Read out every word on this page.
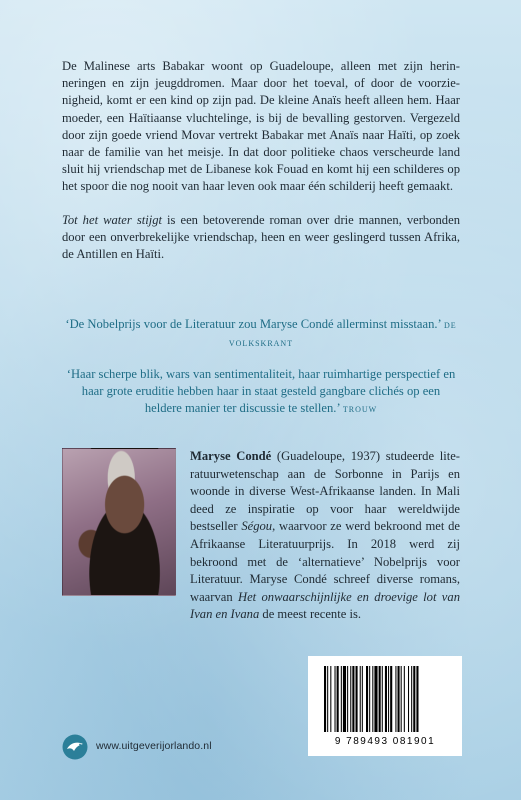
De Malinese arts Babakar woont op Guadeloupe, alleen met zijn herinneringen en zijn jeugddromen. Maar door het toeval, of door de voorzienigheid, komt er een kind op zijn pad. De kleine Anaïs heeft alleen hem. Haar moeder, een Haïtiaanse vluchtelinge, is bij de bevalling gestorven. Vergezeld door zijn goede vriend Movar vertrekt Babakar met Anaïs naar Haïti, op zoek naar de familie van het meisje. In dat door politieke chaos verscheurde land sluit hij vriendschap met de Libanese kok Fouad en komt hij een schilderes op het spoor die nog nooit van haar leven ook maar één schilderij heeft gemaakt.

Tot het water stijgt is een betoverende roman over drie mannen, verbonden door een onverbrekelijke vriendschap, heen en weer geslingerd tussen Afrika, de Antillen en Haïti.

‘De Nobelprijs voor de Literatuur zou Maryse Condé allerminst misstaan.’ de volkskrant
‘Haar scherpe blik, wars van sentimentaliteit, haar ruimhartige perspectief en haar grote eruditie hebben haar in staat gesteld gangbare clichés op een heldere manier ter discussie te stellen.’ trouw
Maryse Condé (Guadeloupe, 1937) studeerde literatuurwetenschap aan de Sorbonne in Parijs en woonde in diverse West-Afrikaanse landen. In Mali deed ze inspiratie op voor haar wereldwijde bestseller Ségou, waarvoor ze werd bekroond met de Afrikaanse Literatuurprijs. In 2018 werd zij bekroond met de ‘alternatieve’ Nobelprijs voor Literatuur. Maryse Condé schreef diverse romans, waarvan Het onwaarschijnlijke en droevige lot van Ivan en Ivana de meest recente is.
www.uitgeverijorlando.nl	9 789493 081901
